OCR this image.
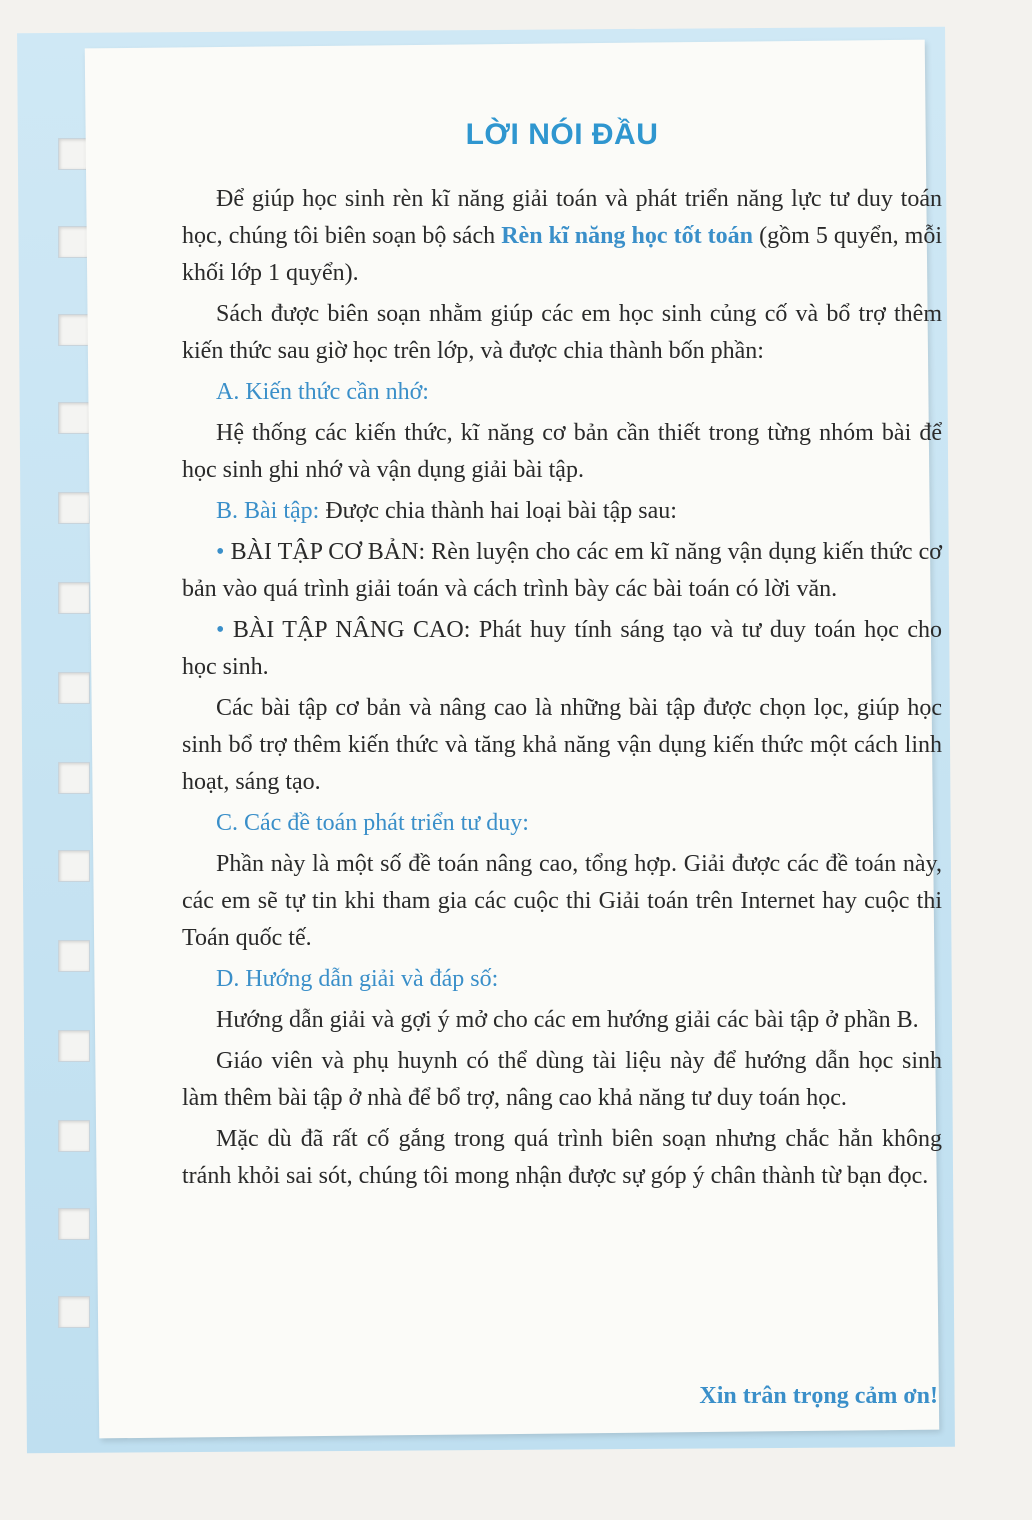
LỜI NÓI ĐẦU

Để giúp học sinh rèn kĩ năng giải toán và phát triển năng lực tư duy toán học, chúng tôi biên soạn bộ sách Rèn kĩ năng học tốt toán (gồm 5 quyển, mỗi khối lớp 1 quyển).

Sách được biên soạn nhằm giúp các em học sinh củng cố và bổ trợ thêm kiến thức sau giờ học trên lớp, và được chia thành bốn phần:

A. Kiến thức cần nhớ:

Hệ thống các kiến thức, kĩ năng cơ bản cần thiết trong từng nhóm bài để học sinh ghi nhớ và vận dụng giải bài tập.

B. Bài tập: Được chia thành hai loại bài tập sau:

• BÀI TẬP CƠ BẢN: Rèn luyện cho các em kĩ năng vận dụng kiến thức cơ bản vào quá trình giải toán và cách trình bày các bài toán có lời văn.

• BÀI TẬP NÂNG CAO: Phát huy tính sáng tạo và tư duy toán học cho học sinh.

Các bài tập cơ bản và nâng cao là những bài tập được chọn lọc, giúp học sinh bổ trợ thêm kiến thức và tăng khả năng vận dụng kiến thức một cách linh hoạt, sáng tạo.

C. Các đề toán phát triển tư duy:

Phần này là một số đề toán nâng cao, tổng hợp. Giải được các đề toán này, các em sẽ tự tin khi tham gia các cuộc thi Giải toán trên Internet hay cuộc thi Toán quốc tế.

D. Hướng dẫn giải và đáp số:

Hướng dẫn giải và gợi ý mở cho các em hướng giải các bài tập ở phần B.

Giáo viên và phụ huynh có thể dùng tài liệu này để hướng dẫn học sinh làm thêm bài tập ở nhà để bổ trợ, nâng cao khả năng tư duy toán học.

Mặc dù đã rất cố gắng trong quá trình biên soạn nhưng chắc hẳn không tránh khỏi sai sót, chúng tôi mong nhận được sự góp ý chân thành từ bạn đọc.

Xin trân trọng cảm ơn!
